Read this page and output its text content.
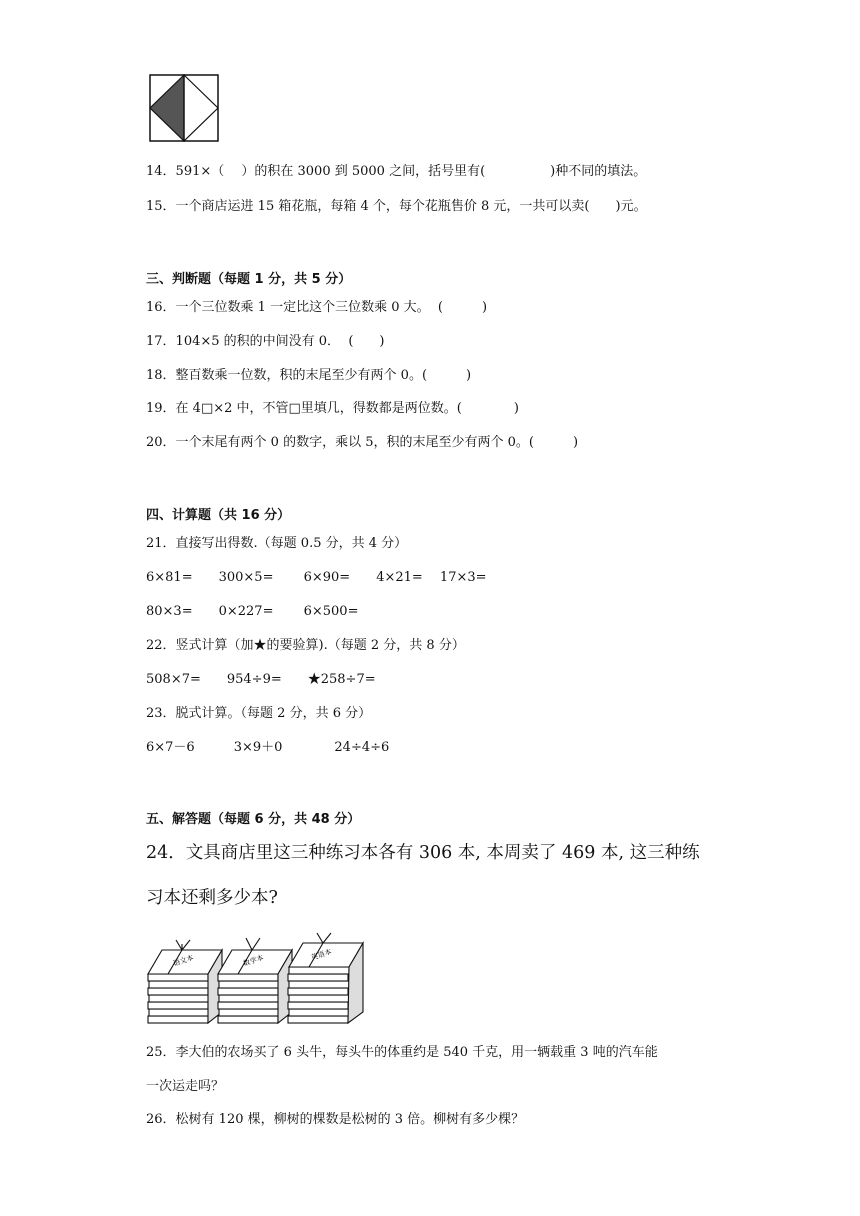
14．591×（　 ）的积在 3000 到 5000 之间，括号里有(　　　　　)种不同的填法。
15．一个商店运进 15 箱花瓶，每箱 4 个，每个花瓶售价 8 元，一共可以卖(　　)元。
三、判断题（每题 1 分，共 5 分）
16．一个三位数乘 1 一定比这个三位数乘 0 大。  (　　　)
17．104×5 的积的中间没有 0．  (　　)
18．整百数乘一位数，积的末尾至少有两个 0。(　　　)
19．在 4□×2 中，不管□里填几，得数都是两位数。(　　　　)
20．一个末尾有两个 0 的数字，乘以 5，积的末尾至少有两个 0。(　　　)
四、计算题（共 16 分）
21．直接写出得数.（每题 0.5 分，共 4 分）
6×81=　　300×5=　　 6×90=　　4×21=　 17×3=
80×3=　　0×227=　　 6×500=
22．竖式计算（加★的要验算).（每题 2 分，共 8 分）
508×7=　　954÷9=　　★258÷7=
23．脱式计算。（每题 2 分，共 6 分）
6×7－6　　　3×9＋0　　　　24÷4÷6
五、解答题（每题 6 分，共 48 分）
24．文具商店里这三种练习本各有 306 本, 本周卖了 469 本, 这三种练
习本还剩多少本?
语文本	数学本	英语本
25．李大伯的农场买了 6 头牛，每头牛的体重约是 540 千克，用一辆载重 3 吨的汽车能
一次运走吗？
26．松树有 120 棵，柳树的棵数是松树的 3 倍。柳树有多少棵？
